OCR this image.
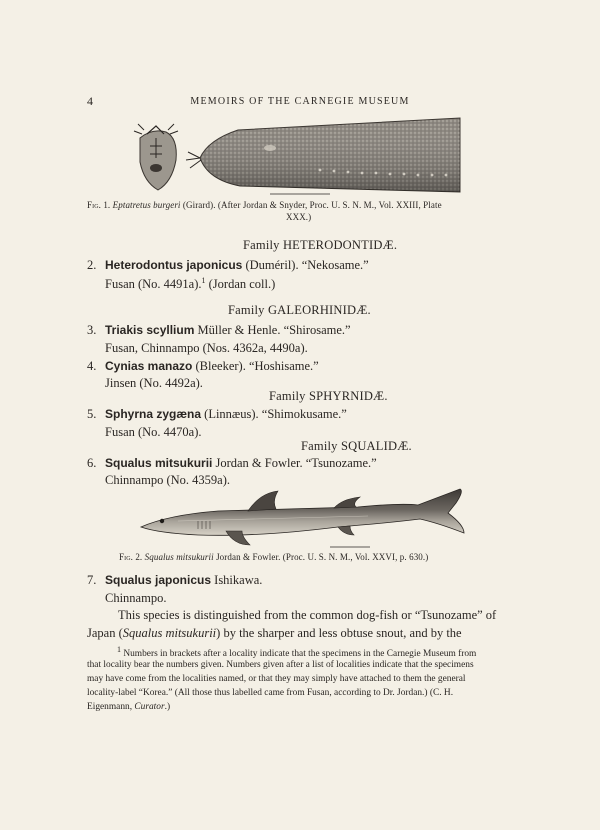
4	MEMOIRS OF THE CARNEGIE MUSEUM
Fig. 1. Eptatretus burgeri (Girard). (After Jordan & Snyder, Proc. U. S. N. M., Vol. XXIII, Plate
XXX.)
Family HETERODONTIDÆ.
2. Heterodontus japonicus (Duméril). “Nekosame.”
Fusan (No. 4491a).$^1$ (Jordan coll.)
Family GALEORHINIDÆ.
3. Triakis scyllium Müller & Henle. “Shirosame.”
Fusan, Chinnampo (Nos. 4362a, 4490a).
4. Cynias manazo (Bleeker). “Hoshisame.”
Jinsen (No. 4492a).
Family SPHYRNIDÆ.
5. Sphyrna zygæna (Linnæus). “Shimokusame.”
Fusan (No. 4470a).
Family SQUALIDÆ.
6. Squalus mitsukurii Jordan & Fowler. “Tsunozame.”
Chinnampo (No. 4359a).
Fig. 2. Squalus mitsukurii Jordan & Fowler. (Proc. U. S. N. M., Vol. XXVI, p. 630.)
7. Squalus japonicus Ishikawa.
Chinnampo.
This species is distinguished from the common dog-fish or “Tsunozame” of
Japan (Squalus mitsukurii) by the sharper and less obtuse snout, and by the
$^1$ Numbers in brackets after a locality indicate that the specimens in the Carnegie Museum from
that locality bear the numbers given. Numbers given after a list of localities indicate that the specimens
may have come from the localities named, or that they may simply have attached to them the general
locality-label “Korea.” (All those thus labelled came from Fusan, according to Dr. Jordan.) (C. H.
Eigenmann, Curator.)
